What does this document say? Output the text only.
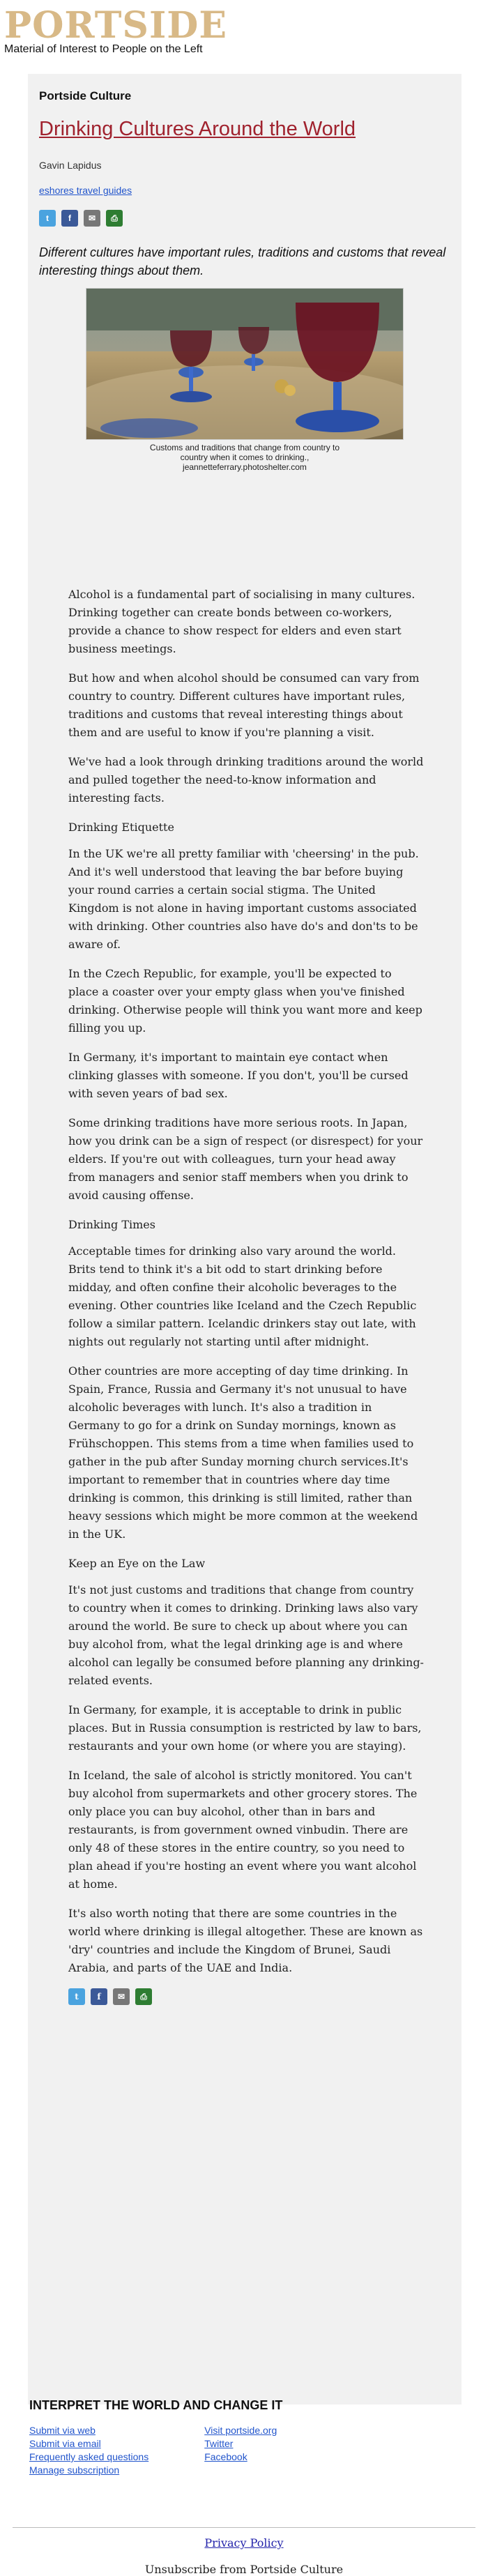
PORTSIDE
Material of Interest to People on the Left
Portside Culture
Drinking Cultures Around the World
Gavin Lapidus
eshores travel guides
t f ✉ ⎙
Different cultures have important rules, traditions and customs that reveal interesting things about them.
Customs and traditions that change from country to
country when it comes to drinking.,
jeannetteferrary.photoshelter.com

Alcohol is a fundamental part of socialising in many cultures. Drinking together can create bonds between co-workers, provide a chance to show respect for elders and even start business meetings.

But how and when alcohol should be consumed can vary from country to country. Different cultures have important rules, traditions and customs that reveal interesting things about them and are useful to know if you're planning a visit.

We've had a look through drinking traditions around the world and pulled together the need-to-know information and interesting facts.

Drinking Etiquette

In the UK we're all pretty familiar with 'cheersing' in the pub. And it's well understood that leaving the bar before buying your round carries a certain social stigma. The United Kingdom is not alone in having important customs associated with drinking. Other countries also have do's and don'ts to be aware of.

In the Czech Republic, for example, you'll be expected to place a coaster over your empty glass when you've finished drinking. Otherwise people will think you want more and keep filling you up.

In Germany, it's important to maintain eye contact when clinking glasses with someone. If you don't, you'll be cursed with seven years of bad sex.

Some drinking traditions have more serious roots. In Japan, how you drink can be a sign of respect (or disrespect) for your elders. If you're out with colleagues, turn your head away from managers and senior staff members when you drink to avoid causing offense.

Drinking Times

Acceptable times for drinking also vary around the world. Brits tend to think it's a bit odd to start drinking before midday, and often confine their alcoholic beverages to the evening. Other countries like Iceland and the Czech Republic follow a similar pattern. Icelandic drinkers stay out late, with nights out regularly not starting until after midnight.

Other countries are more accepting of day time drinking. In Spain, France, Russia and Germany it's not unusual to have alcoholic beverages with lunch. It's also a tradition in Germany to go for a drink on Sunday mornings, known as Frühschoppen. This stems from a time when families used to gather in the pub after Sunday morning church services.It's important to remember that in countries where day time drinking is common, this drinking is still limited, rather than heavy sessions which might be more common at the weekend in the UK.

Keep an Eye on the Law

It's not just customs and traditions that change from country to country when it comes to drinking. Drinking laws also vary around the world. Be sure to check up about where you can buy alcohol from, what the legal drinking age is and where alcohol can legally be consumed before planning any drinking-related events.

In Germany, for example, it is acceptable to drink in public places. But in Russia consumption is restricted by law to bars, restaurants and your own home (or where you are staying).

In Iceland, the sale of alcohol is strictly monitored. You can't buy alcohol from supermarkets and other grocery stores. The only place you can buy alcohol, other than in bars and restaurants, is from government owned vinbudin. There are only 48 of these stores in the entire country, so you need to plan ahead if you're hosting an event where you want alcohol at home.

It's also worth noting that there are some countries in the world where drinking is illegal altogether. These are known as 'dry' countries and include the Kingdom of Brunei, Saudi Arabia, and parts of the UAE and India.

t f ✉ ⎙
INTERPRET THE WORLD AND CHANGE IT
Submit via web
Submit via email
Frequently asked questions
Manage subscription
Visit portside.org
Twitter
Facebook
Privacy Policy
Unsubscribe from Portside Culture
